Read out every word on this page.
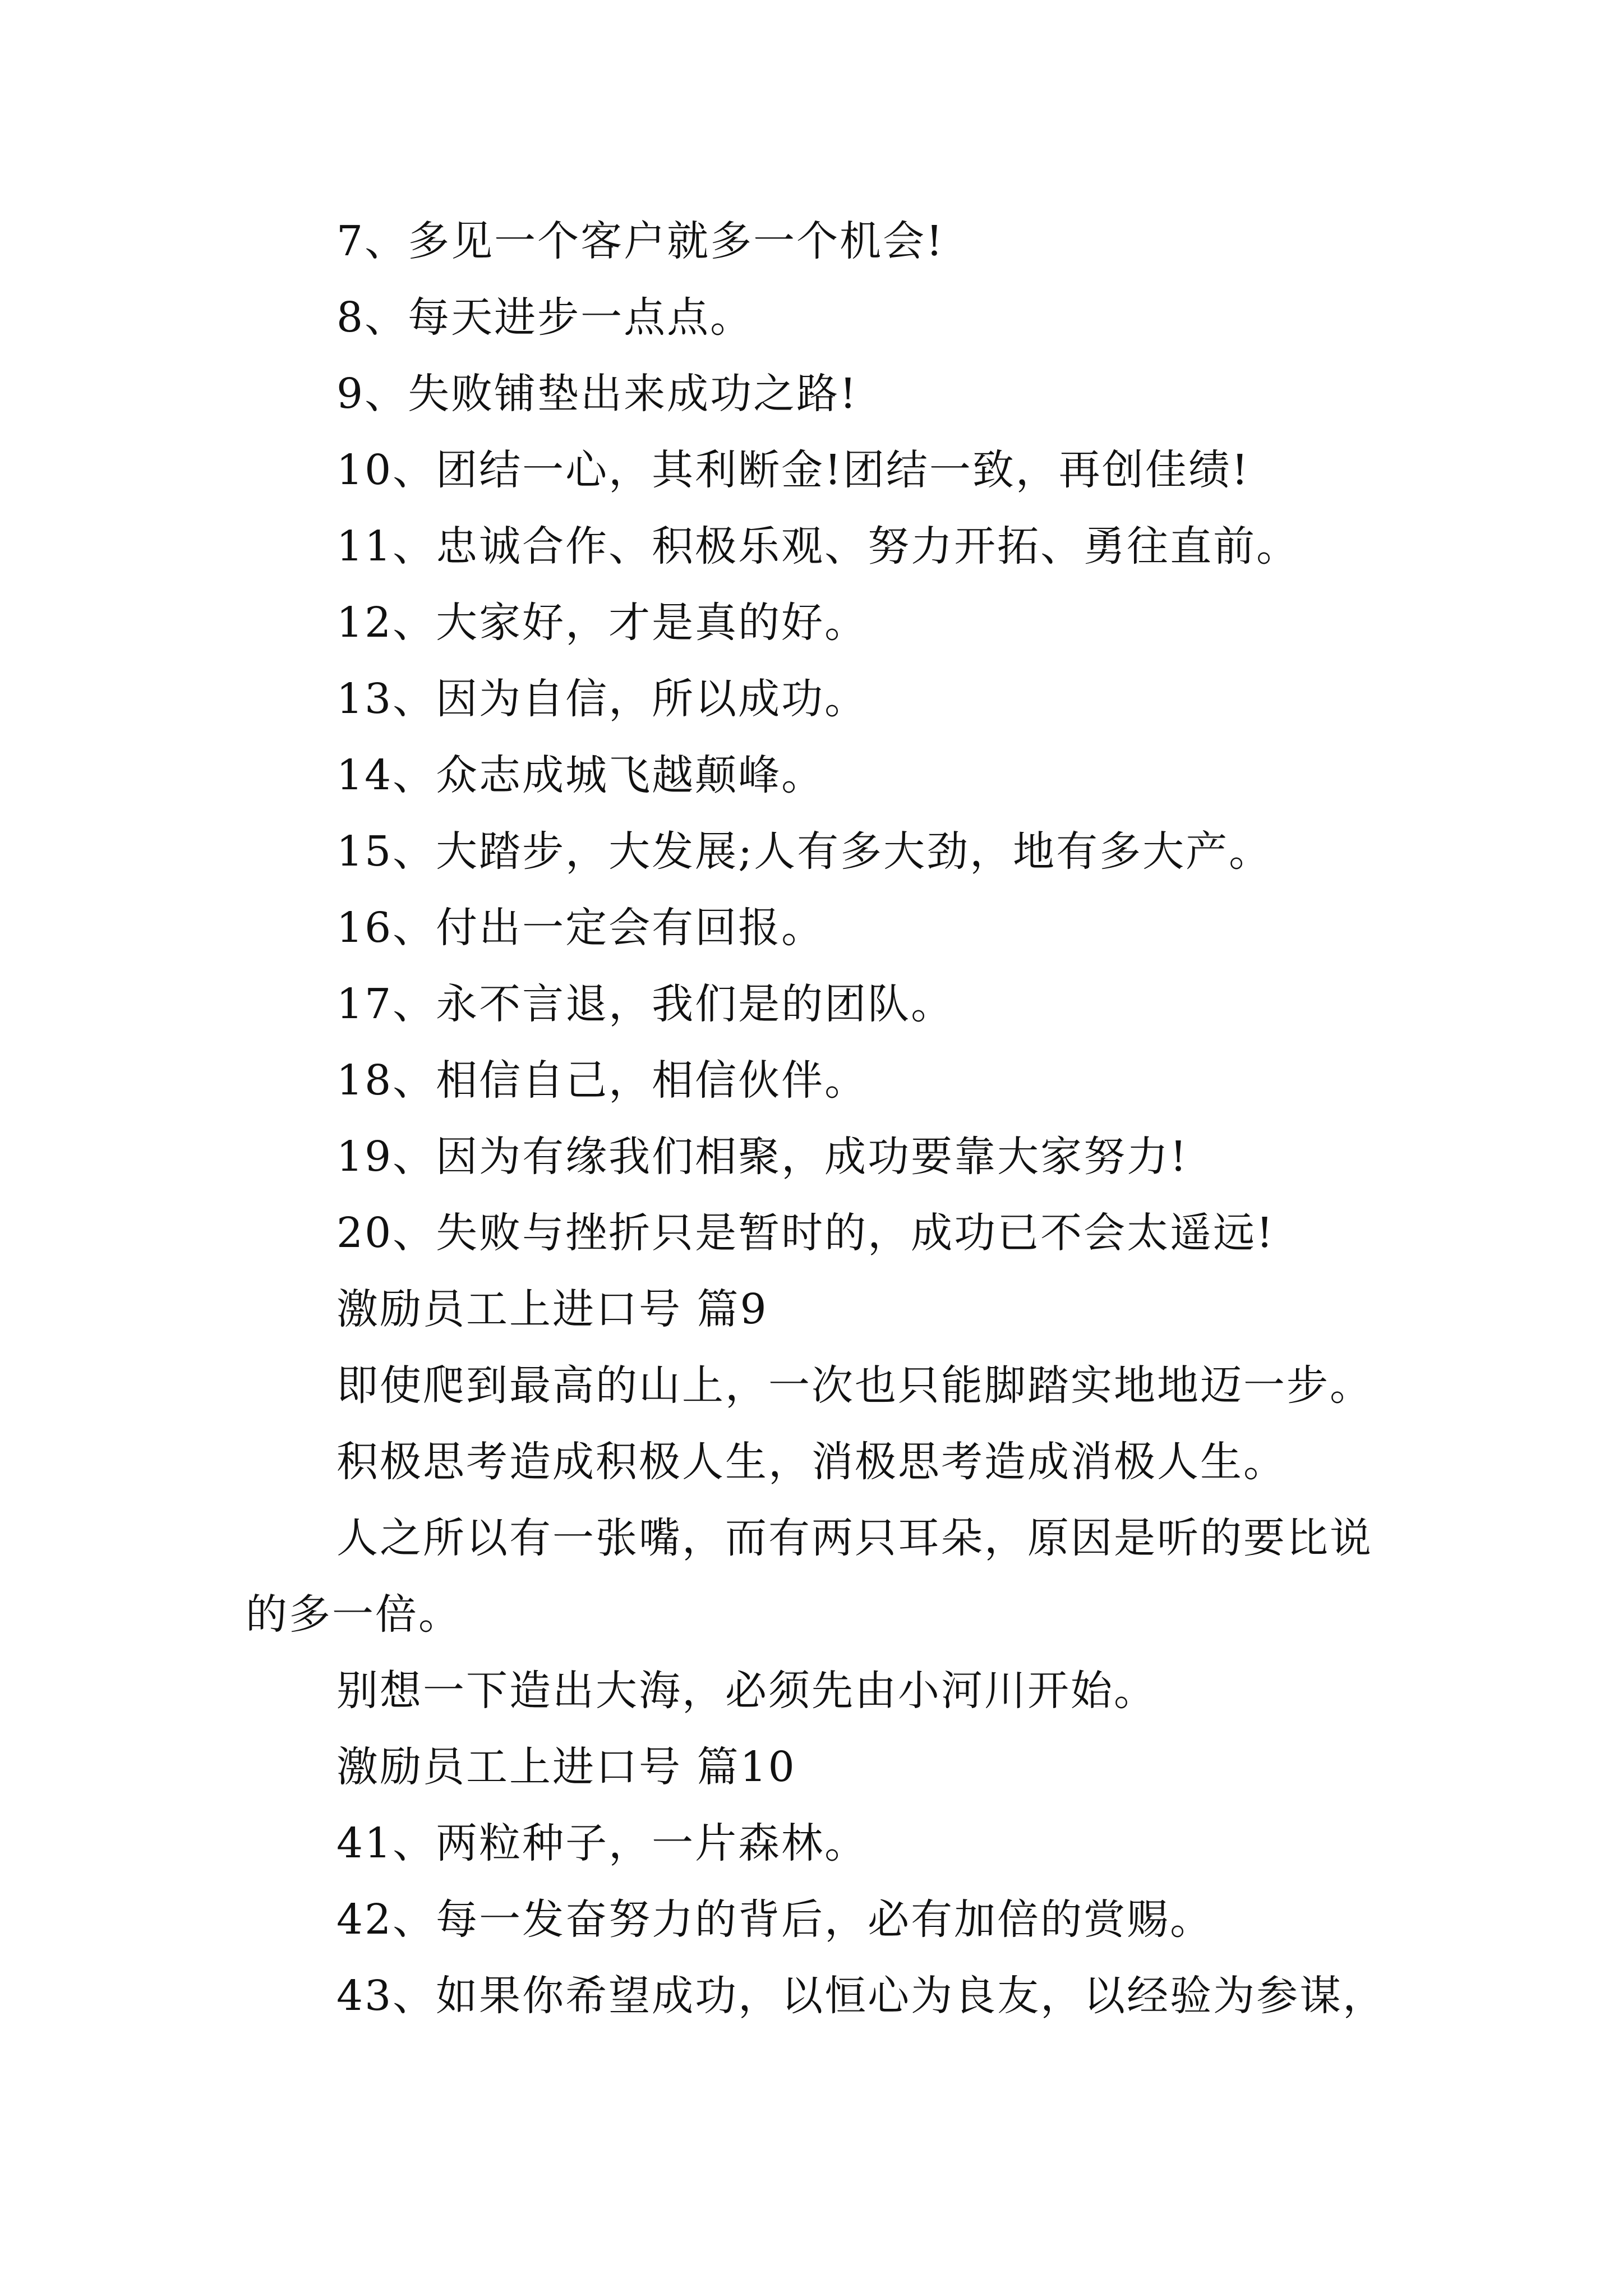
7、多见一个客户就多一个机会!
8、每天进步一点点。
9、失败铺垫出来成功之路!
10、团结一心，其利断金!团结一致，再创佳绩!
11、忠诚合作、积极乐观、努力开拓、勇往直前。
12、大家好，才是真的好。
13、因为自信，所以成功。
14、众志成城飞越颠峰。
15、大踏步，大发展;人有多大劲，地有多大产。
16、付出一定会有回报。
17、永不言退，我们是的团队。
18、相信自己，相信伙伴。
19、因为有缘我们相聚，成功要靠大家努力!
20、失败与挫折只是暂时的，成功已不会太遥远!
激励员工上进口号 篇9
即使爬到最高的山上，一次也只能脚踏实地地迈一步。
积极思考造成积极人生，消极思考造成消极人生。
人之所以有一张嘴，而有两只耳朵，原因是听的要比说
的多一倍。
别想一下造出大海，必须先由小河川开始。
激励员工上进口号 篇10
41、两粒种子，一片森林。
42、每一发奋努力的背后，必有加倍的赏赐。
43、如果你希望成功，以恒心为良友，以经验为参谋，
